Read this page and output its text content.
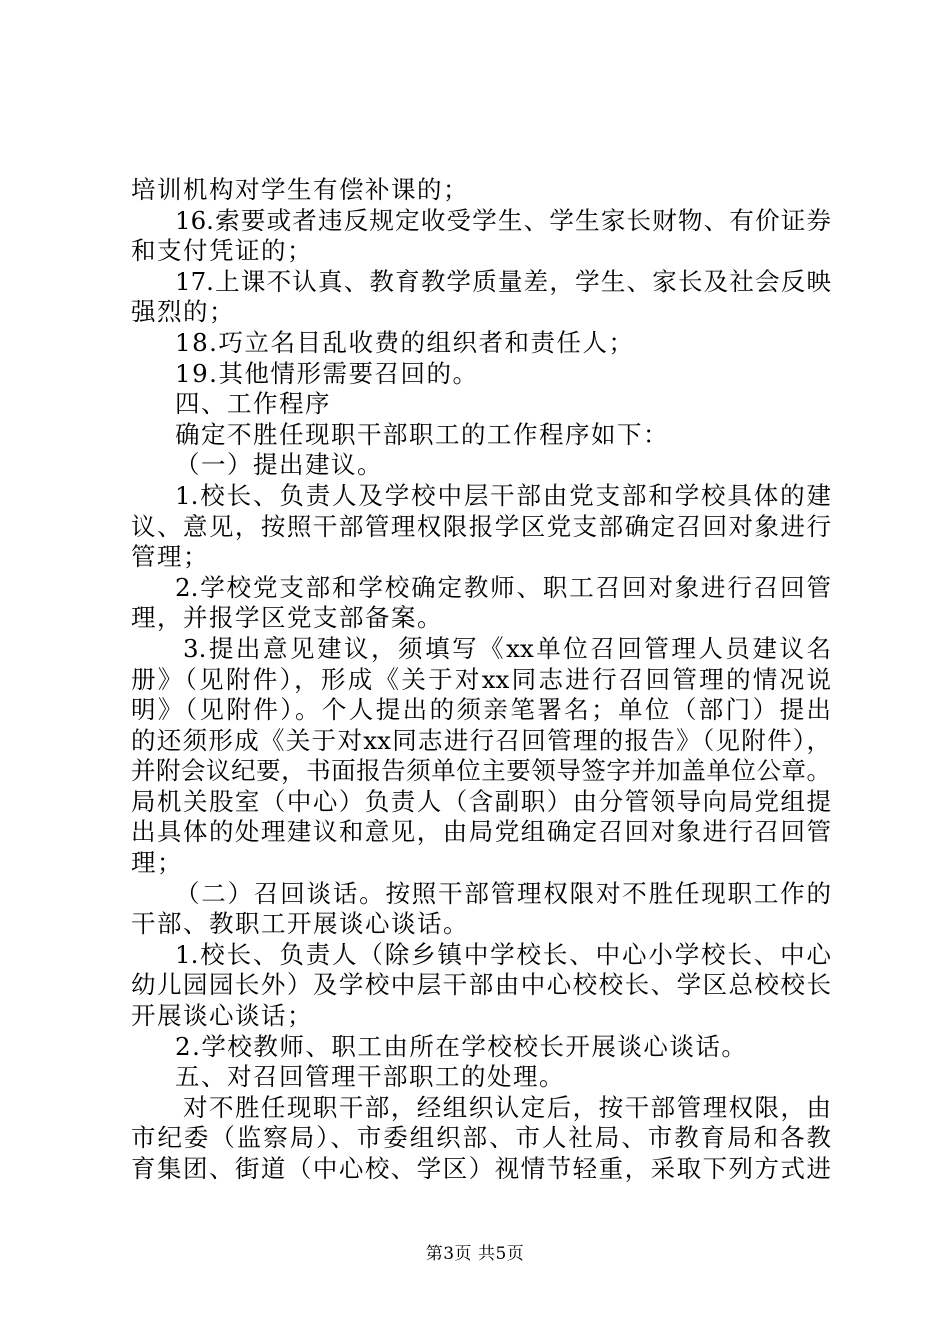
培训机构对学生有偿补课的；
16.索要或者违反规定收受学生、学生家长财物、有价证券
和支付凭证的；
17.上课不认真、教育教学质量差，学生、家长及社会反映
强烈的；
18.巧立名目乱收费的组织者和责任人；
19.其他情形需要召回的。
四、工作程序
确定不胜任现职干部职工的工作程序如下：
（一）提出建议。
1.校长、负责人及学校中层干部由党支部和学校具体的建
议、意见，按照干部管理权限报学区党支部确定召回对象进行
管理；
2.学校党支部和学校确定教师、职工召回对象进行召回管
理，并报学区党支部备案。
3.提出意见建议，须填写《xx单位召回管理人员建议名
册》（见附件），形成《关于对xx同志进行召回管理的情况说
明》（见附件）。个人提出的须亲笔署名；单位（部门）提出
的还须形成《关于对xx同志进行召回管理的报告》（见附件），
并附会议纪要，书面报告须单位主要领导签字并加盖单位公章。
局机关股室（中心）负责人（含副职）由分管领导向局党组提
出具体的处理建议和意见，由局党组确定召回对象进行召回管
理；
（二）召回谈话。按照干部管理权限对不胜任现职工作的
干部、教职工开展谈心谈话。
1.校长、负责人（除乡镇中学校长、中心小学校长、中心
幼儿园园长外）及学校中层干部由中心校校长、学区总校校长
开展谈心谈话；
2.学校教师、职工由所在学校校长开展谈心谈话。
五、对召回管理干部职工的处理。
对不胜任现职干部，经组织认定后，按干部管理权限，由
市纪委（监察局）、市委组织部、市人社局、市教育局和各教
育集团、街道（中心校、学区）视情节轻重，采取下列方式进
第3页 共5页
